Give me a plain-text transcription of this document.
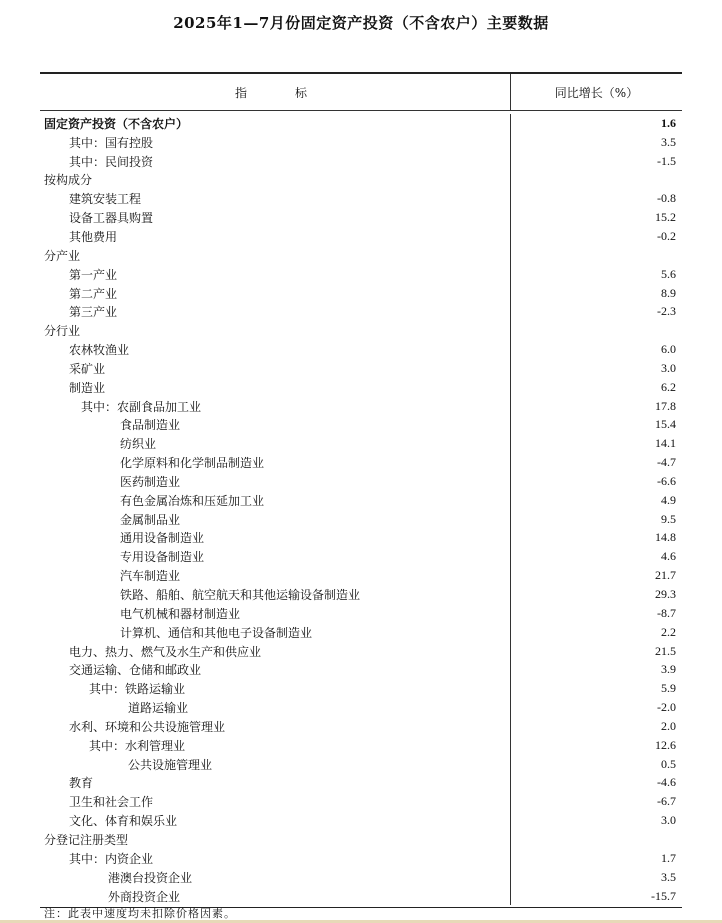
2025年1—7月份固定资产投资（不含农户）主要数据
指　　标	同比增长（%）
固定资产投资（不含农户）	1.6
其中：国有控股	3.5
其中：民间投资	-1.5
按构成分
建筑安装工程	-0.8
设备工器具购置	15.2
其他费用	-0.2
分产业
第一产业	5.6
第二产业	8.9
第三产业	-2.3
分行业
农林牧渔业	6.0
采矿业	3.0
制造业	6.2
其中：农副食品加工业	17.8
食品制造业	15.4
纺织业	14.1
化学原料和化学制品制造业	-4.7
医药制造业	-6.6
有色金属冶炼和压延加工业	4.9
金属制品业	9.5
通用设备制造业	14.8
专用设备制造业	4.6
汽车制造业	21.7
铁路、船舶、航空航天和其他运输设备制造业	29.3
电气机械和器材制造业	-8.7
计算机、通信和其他电子设备制造业	2.2
电力、热力、燃气及水生产和供应业	21.5
交通运输、仓储和邮政业	3.9
其中：铁路运输业	5.9
道路运输业	-2.0
水利、环境和公共设施管理业	2.0
其中：水利管理业	12.6
公共设施管理业	0.5
教育	-4.6
卫生和社会工作	-6.7
文化、体育和娱乐业	3.0
分登记注册类型
其中：内资企业	1.7
港澳台投资企业	3.5
外商投资企业	-15.7
注：此表中速度均未扣除价格因素。
